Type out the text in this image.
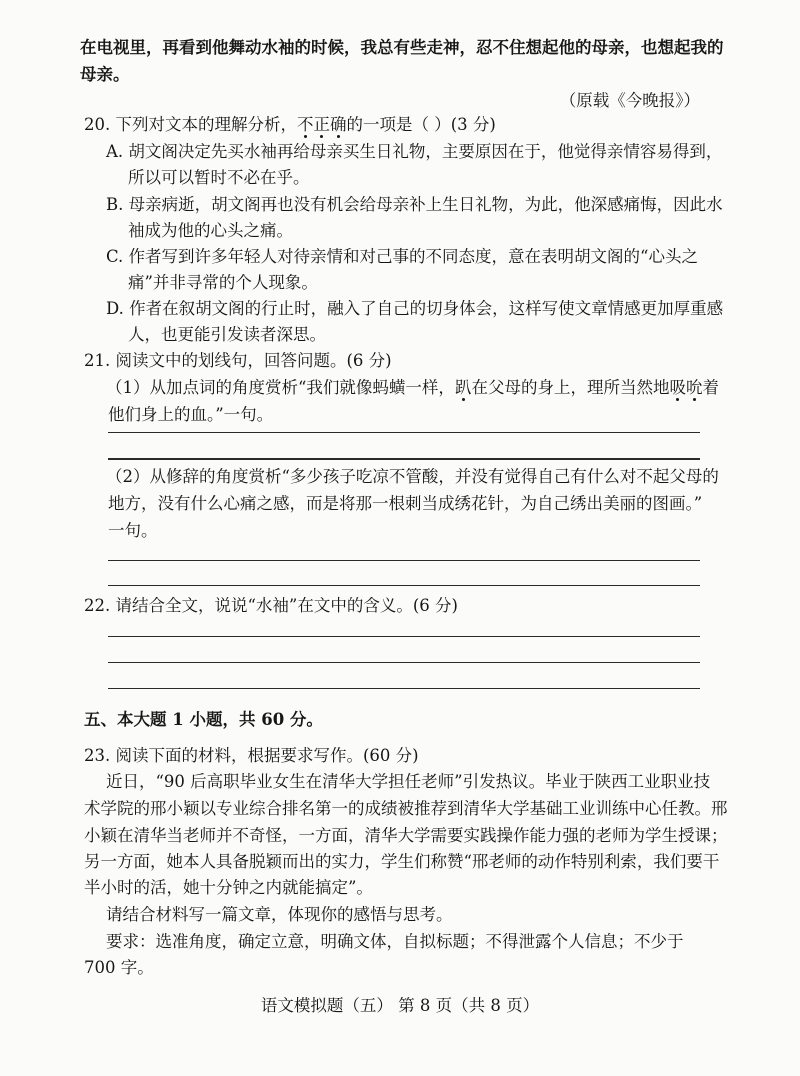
在电视里，再看到他舞动水袖的时候，我总有些走神，忍不住想起他的母亲，也想起我的
母亲。
（原载《今晚报》）
20. 下列对文本的理解分析，不正确的一项是（ ）(3 分)
A. 胡文阁决定先买水袖再给母亲买生日礼物，主要原因在于，他觉得亲情容易得到，
所以可以暂时不必在乎。
B. 母亲病逝，胡文阁再也没有机会给母亲补上生日礼物，为此，他深感痛悔，因此水
袖成为他的心头之痛。
C. 作者写到许多年轻人对待亲情和对己事的不同态度，意在表明胡文阁的“心头之
痛”并非寻常的个人现象。
D. 作者在叙胡文阁的行止时，融入了自己的切身体会，这样写使文章情感更加厚重感
人，也更能引发读者深思。
21. 阅读文中的划线句，回答问题。(6 分)
（1）从加点词的角度赏析“我们就像蚂蟥一样，趴在父母的身上，理所当然地吸吮着
他们身上的血。”一句。
（2）从修辞的角度赏析“多少孩子吃凉不管酸，并没有觉得自己有什么对不起父母的
地方，没有什么心痛之感，而是将那一根刺当成绣花针，为自己绣出美丽的图画。”
一句。
22. 请结合全文，说说“水袖”在文中的含义。(6 分)
五、本大题 1 小题，共 60 分。
23. 阅读下面的材料，根据要求写作。(60 分)
近日，“90 后高职毕业女生在清华大学担任老师”引发热议。毕业于陕西工业职业技
术学院的邢小颖以专业综合排名第一的成绩被推荐到清华大学基础工业训练中心任教。邢
小颖在清华当老师并不奇怪，一方面，清华大学需要实践操作能力强的老师为学生授课；
另一方面，她本人具备脱颖而出的实力，学生们称赞“邢老师的动作特别利索，我们要干
半小时的活，她十分钟之内就能搞定”。
请结合材料写一篇文章，体现你的感悟与思考。
要求：选准角度，确定立意，明确文体，自拟标题；不得泄露个人信息；不少于
700 字。
语文模拟题（五） 第 8 页（共 8 页）
